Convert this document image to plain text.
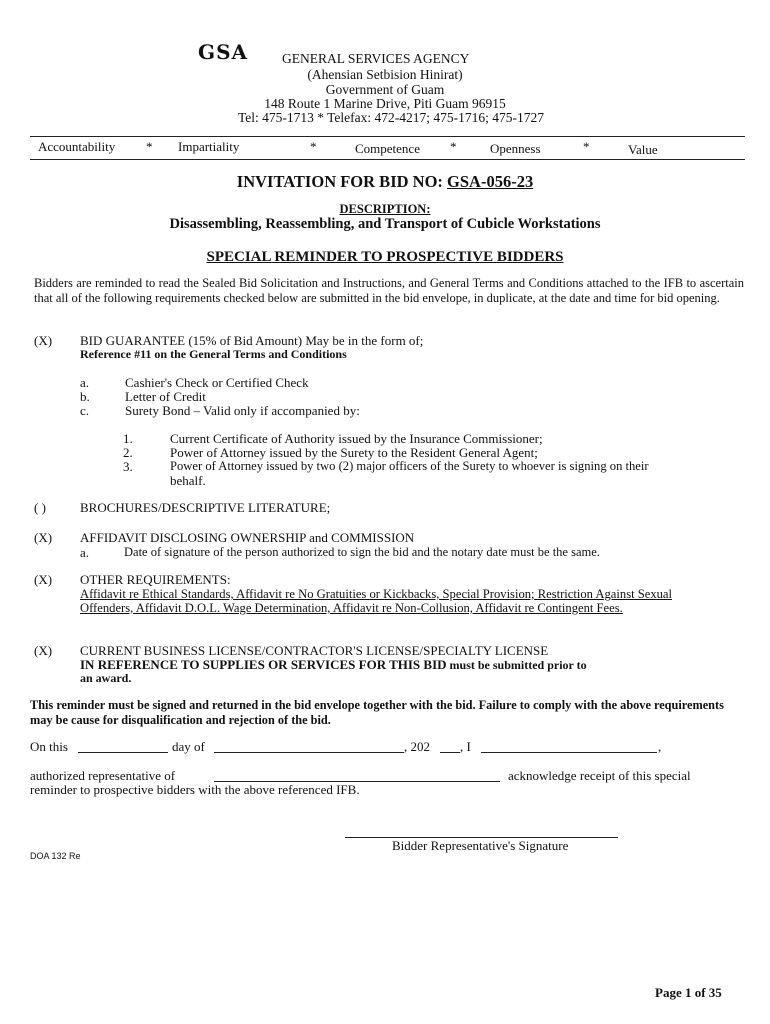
GSA	GENERAL SERVICES AGENCY
(Ahensian Setbision Hinirat)
Government of Guam
148 Route 1 Marine Drive, Piti Guam 96915
Tel: 475-1713 * Telefax: 472-4217; 475-1716; 475-1727
Accountability * Impartiality	*	Competence *	Openness	*	Value
INVITATION FOR BID NO: GSA-056-23
DESCRIPTION:
Disassembling, Reassembling, and Transport of Cubicle Workstations
SPECIAL REMINDER TO PROSPECTIVE BIDDERS
Bidders are reminded to read the Sealed Bid Solicitation and Instructions, and General Terms and Conditions attached to the IFB to ascertain that all of the following requirements checked below are submitted in the bid envelope, in duplicate, at the date and time for bid opening.
(X) BID GUARANTEE (15% of Bid Amount) May be in the form of;
Reference #11 on the General Terms and Conditions
a.	Cashier's Check or Certified Check
b.	Letter of Credit
c.	Surety Bond – Valid only if accompanied by:
1.	Current Certificate of Authority issued by the Insurance Commissioner;
2.	Power of Attorney issued by the Surety to the Resident General Agent;
3.	Power of Attorney issued by two (2) major officers of the Surety to whoever is signing on their
behalf.
( )	BROCHURES/DESCRIPTIVE LITERATURE;
(X) AFFIDAVIT DISCLOSING OWNERSHIP and COMMISSION
a.	Date of signature of the person authorized to sign the bid and the notary date must be the same.
(X) OTHER REQUIREMENTS:
Affidavit re Ethical Standards, Affidavit re No Gratuities or Kickbacks, Special Provision; Restriction Against Sexual Offenders, Affidavit D.O.L. Wage Determination, Affidavit re Non-Collusion, Affidavit re Contingent Fees.
(X) CURRENT BUSINESS LICENSE/CONTRACTOR'S LICENSE/SPECIALTY LICENSE
IN REFERENCE TO SUPPLIES OR SERVICES FOR THIS BID must be submitted prior to
an award.
This reminder must be signed and returned in the bid envelope together with the bid. Failure to comply with the above requirements may be cause for disqualification and rejection of the bid.
On this	day of	, 202 , I	,
authorized representative of	acknowledge receipt of this special
reminder to prospective bidders with the above referenced IFB.
Bidder Representative's Signature
DOA 132 Re
Page 1 of 35
